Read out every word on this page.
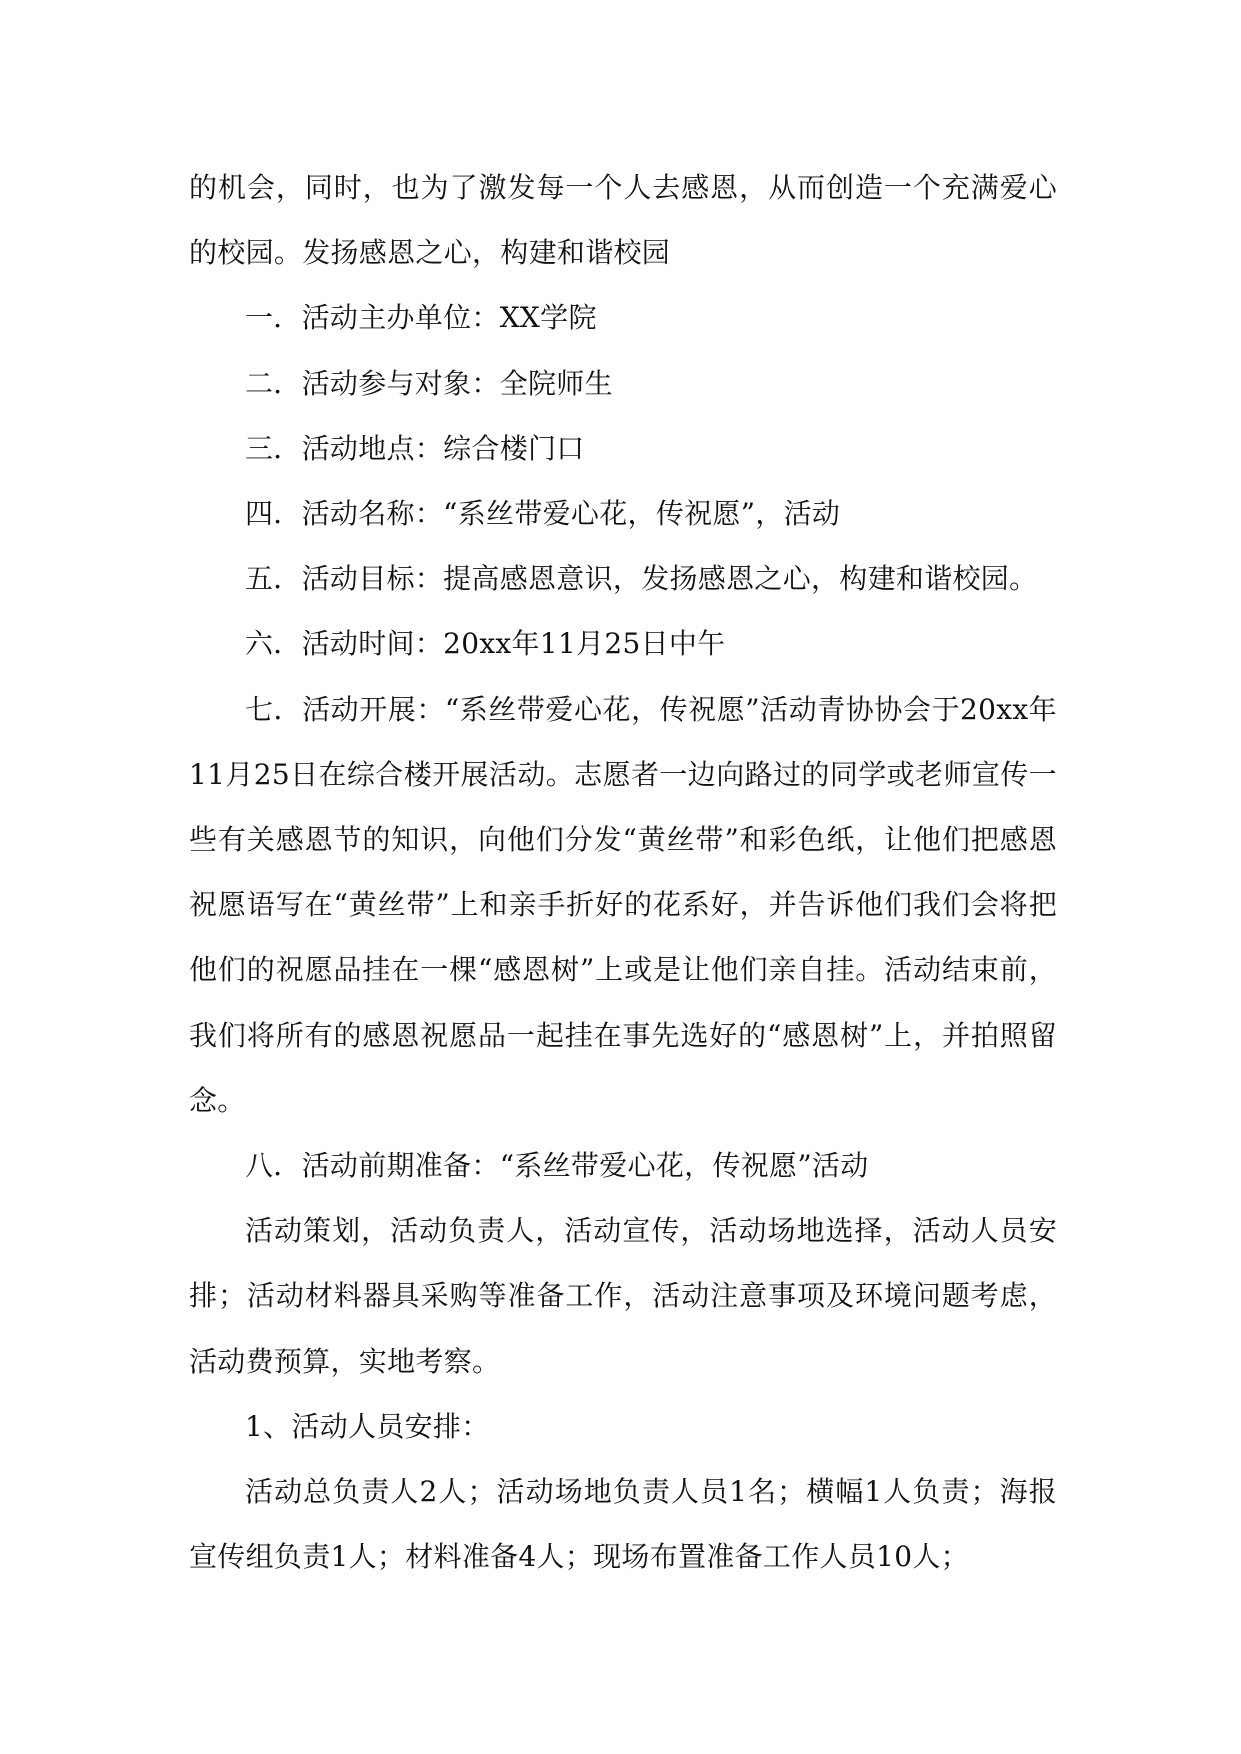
的机会，同时，也为了激发每一个人去感恩，从而创造一个充满爱心的校园。发扬感恩之心，构建和谐校园

一．活动主办单位：XX学院

二．活动参与对象：全院师生

三．活动地点：综合楼门口

四．活动名称：“系丝带爱心花，传祝愿”，活动

五．活动目标：提高感恩意识，发扬感恩之心，构建和谐校园。

六．活动时间：20xx年11月25日中午

七．活动开展：“系丝带爱心花，传祝愿”活动青协协会于20xx年11月25日在综合楼开展活动。志愿者一边向路过的同学或老师宣传一些有关感恩节的知识，向他们分发“黄丝带”和彩色纸，让他们把感恩祝愿语写在“黄丝带”上和亲手折好的花系好，并告诉他们我们会将把他们的祝愿品挂在一棵“感恩树”上或是让他们亲自挂。活动结束前，我们将所有的感恩祝愿品一起挂在事先选好的“感恩树”上，并拍照留念。

八．活动前期准备：“系丝带爱心花，传祝愿”活动

活动策划，活动负责人，活动宣传，活动场地选择，活动人员安排；活动材料器具采购等准备工作，活动注意事项及环境问题考虑，活动费预算，实地考察。

1、活动人员安排：

活动总负责人2人；活动场地负责人员1名；横幅1人负责；海报宣传组负责1人；材料准备4人；现场布置准备工作人员10人；
